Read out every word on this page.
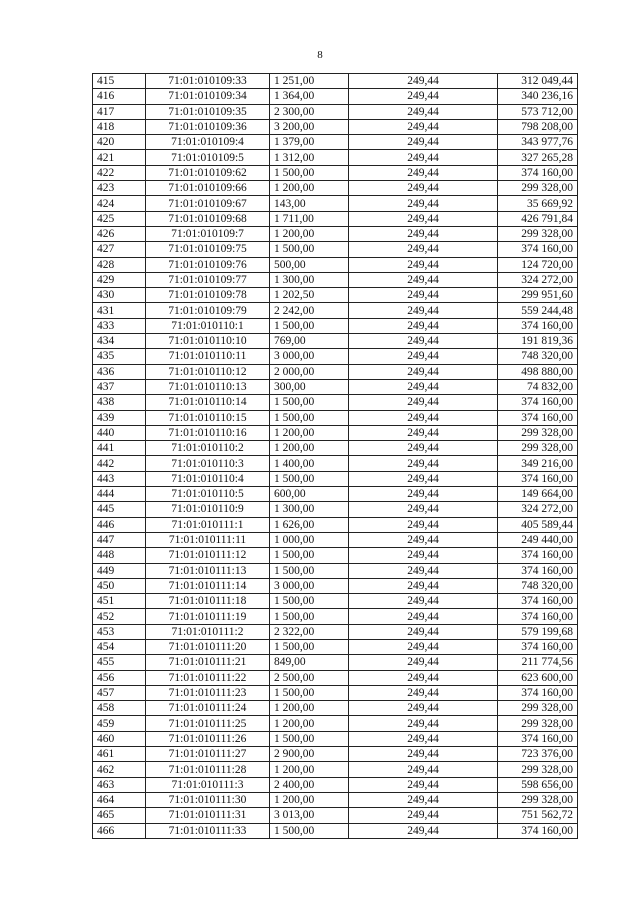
8
415	71:01:010109:33	1 251,00	249,44	312 049,44
416	71:01:010109:34	1 364,00	249,44	340 236,16
417	71:01:010109:35	2 300,00	249,44	573 712,00
418	71:01:010109:36	3 200,00	249,44	798 208,00
420	71:01:010109:4	1 379,00	249,44	343 977,76
421	71:01:010109:5	1 312,00	249,44	327 265,28
422	71:01:010109:62	1 500,00	249,44	374 160,00
423	71:01:010109:66	1 200,00	249,44	299 328,00
424	71:01:010109:67	143,00	249,44	35 669,92
425	71:01:010109:68	1 711,00	249,44	426 791,84
426	71:01:010109:7	1 200,00	249,44	299 328,00
427	71:01:010109:75	1 500,00	249,44	374 160,00
428	71:01:010109:76	500,00	249,44	124 720,00
429	71:01:010109:77	1 300,00	249,44	324 272,00
430	71:01:010109:78	1 202,50	249,44	299 951,60
431	71:01:010109:79	2 242,00	249,44	559 244,48
433	71:01:010110:1	1 500,00	249,44	374 160,00
434	71:01:010110:10	769,00	249,44	191 819,36
435	71:01:010110:11	3 000,00	249,44	748 320,00
436	71:01:010110:12	2 000,00	249,44	498 880,00
437	71:01:010110:13	300,00	249,44	74 832,00
438	71:01:010110:14	1 500,00	249,44	374 160,00
439	71:01:010110:15	1 500,00	249,44	374 160,00
440	71:01:010110:16	1 200,00	249,44	299 328,00
441	71:01:010110:2	1 200,00	249,44	299 328,00
442	71:01:010110:3	1 400,00	249,44	349 216,00
443	71:01:010110:4	1 500,00	249,44	374 160,00
444	71:01:010110:5	600,00	249,44	149 664,00
445	71:01:010110:9	1 300,00	249,44	324 272,00
446	71:01:010111:1	1 626,00	249,44	405 589,44
447	71:01:010111:11	1 000,00	249,44	249 440,00
448	71:01:010111:12	1 500,00	249,44	374 160,00
449	71:01:010111:13	1 500,00	249,44	374 160,00
450	71:01:010111:14	3 000,00	249,44	748 320,00
451	71:01:010111:18	1 500,00	249,44	374 160,00
452	71:01:010111:19	1 500,00	249,44	374 160,00
453	71:01:010111:2	2 322,00	249,44	579 199,68
454	71:01:010111:20	1 500,00	249,44	374 160,00
455	71:01:010111:21	849,00	249,44	211 774,56
456	71:01:010111:22	2 500,00	249,44	623 600,00
457	71:01:010111:23	1 500,00	249,44	374 160,00
458	71:01:010111:24	1 200,00	249,44	299 328,00
459	71:01:010111:25	1 200,00	249,44	299 328,00
460	71:01:010111:26	1 500,00	249,44	374 160,00
461	71:01:010111:27	2 900,00	249,44	723 376,00
462	71:01:010111:28	1 200,00	249,44	299 328,00
463	71:01:010111:3	2 400,00	249,44	598 656,00
464	71:01:010111:30	1 200,00	249,44	299 328,00
465	71:01:010111:31	3 013,00	249,44	751 562,72
466	71:01:010111:33	1 500,00	249,44	374 160,00
